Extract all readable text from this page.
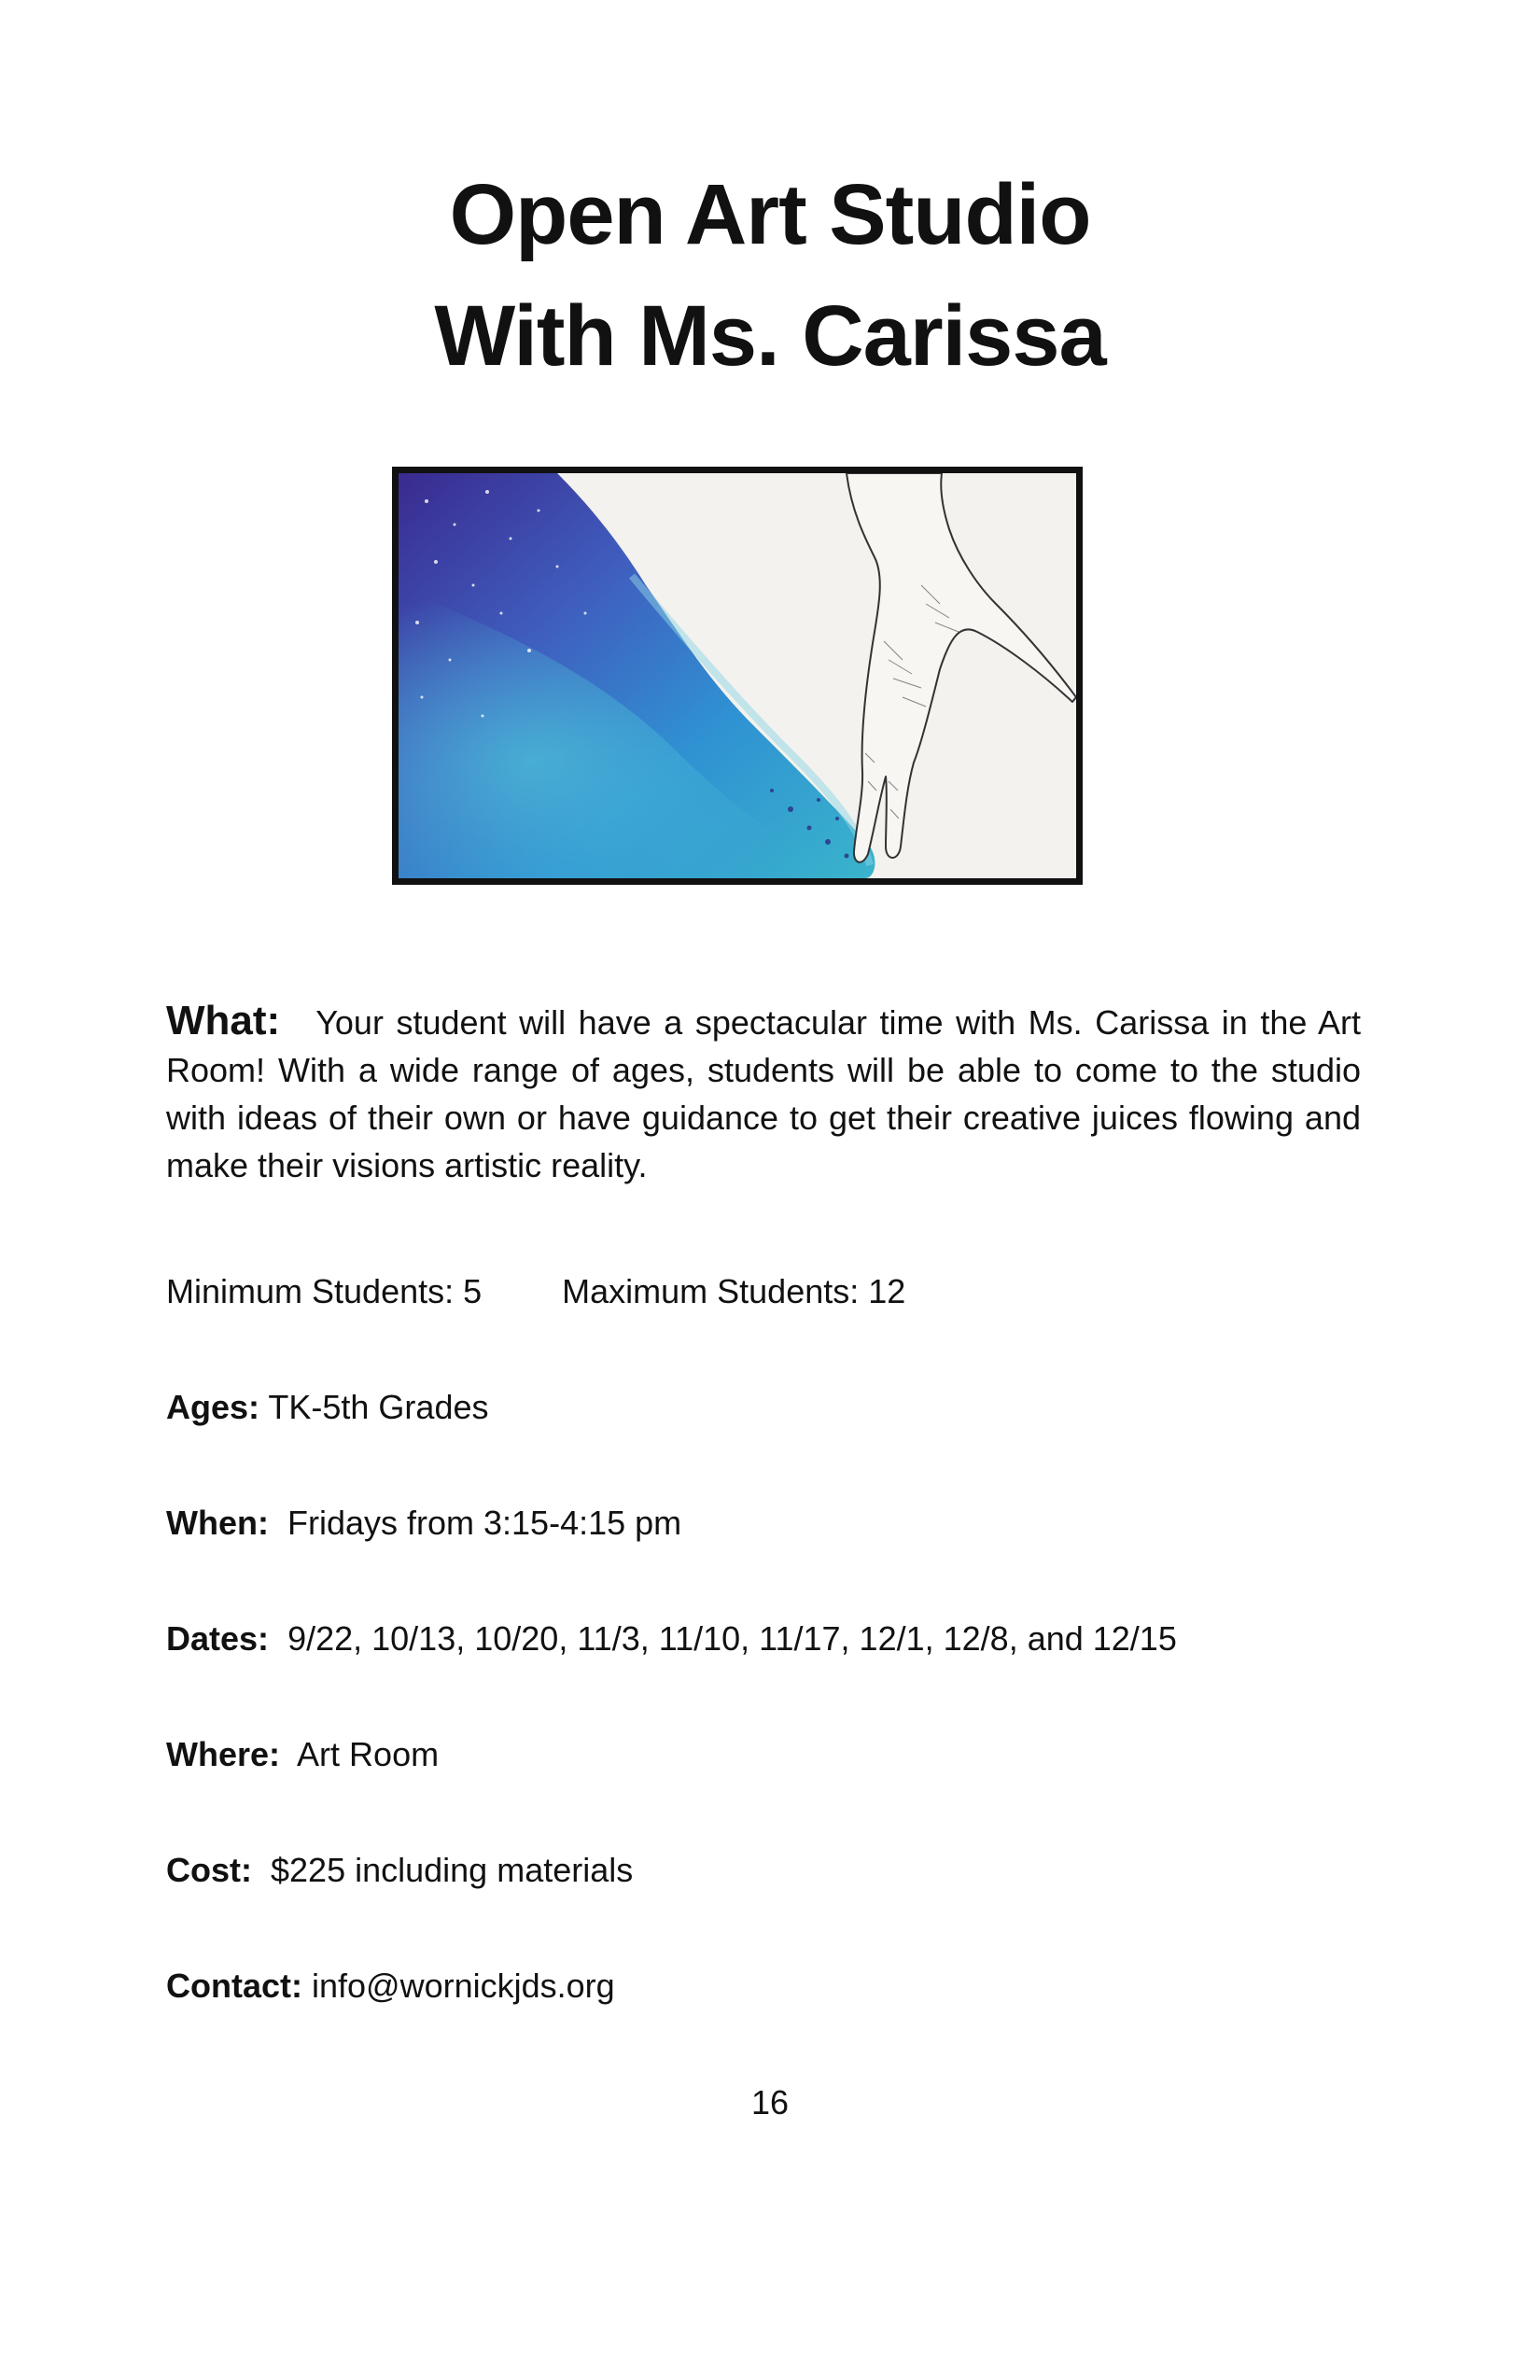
Open Art Studio
With Ms. Carissa
What: Your student will have a spectacular time with Ms. Carissa in the Art Room! With a wide range of ages, students will be able to come to the studio with ideas of their own or have guidance to get their creative juices flowing and make their visions artistic reality.
Minimum Students: 5 Maximum Students: 12
Ages: TK-5th Grades
When: Fridays from 3:15-4:15 pm
Dates: 9/22, 10/13, 10/20, 11/3, 11/10, 11/17, 12/1, 12/8, and 12/15
Where: Art Room
Cost: $225 including materials
Contact: info@wornickjds.org
16
